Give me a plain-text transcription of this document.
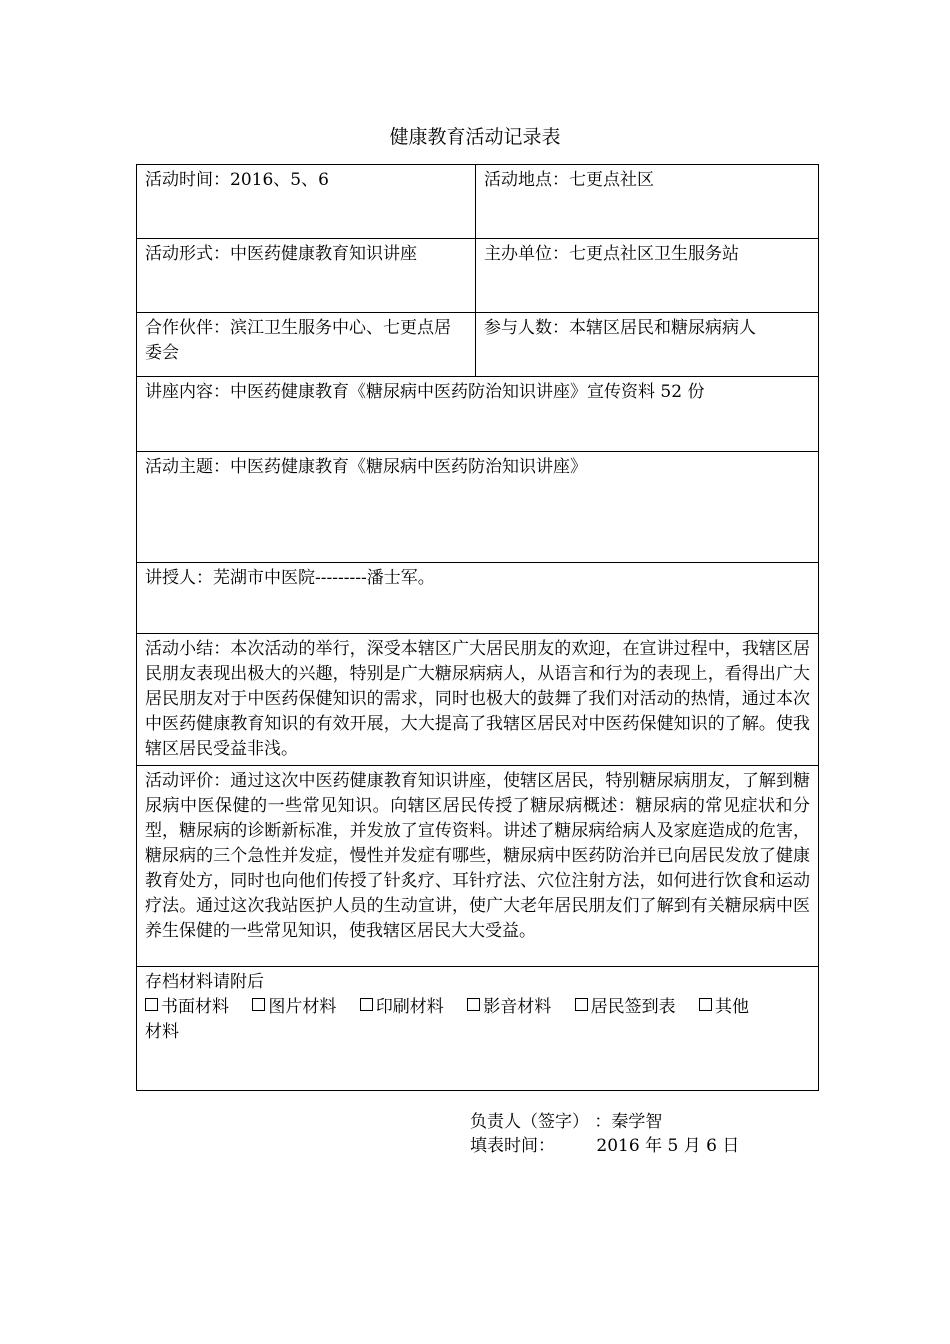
健康教育活动记录表
活动时间：2016、5、6	活动地点：七更点社区
活动形式：中医药健康教育知识讲座	主办单位：七更点社区卫生服务站
合作伙伴：滨江卫生服务中心、七更点居委会	参与人数：本辖区居民和糖尿病病人
讲座内容：中医药健康教育《糖尿病中医药防治知识讲座》宣传资料 52 份	
活动主题：中医药健康教育《糖尿病中医药防治知识讲座》	
讲授人：芜湖市中医院---------潘士军。	
活动小结：本次活动的举行，深受本辖区广大居民朋友的欢迎，在宣讲过程中，我辖区居民朋友表现出极大的兴趣，特别是广大糖尿病病人，从语言和行为的表现上，看得出广大居民朋友对于中医药保健知识的需求，同时也极大的鼓舞了我们对活动的热情，通过本次中医药健康教育知识的有效开展，大大提高了我辖区居民对中医药保健知识的了解。使我辖区居民受益非浅。	
活动评价：通过这次中医药健康教育知识讲座，使辖区居民，特别糖尿病朋友，了解到糖尿病中医保健的一些常见知识。向辖区居民传授了糖尿病概述：糖尿病的常见症状和分型，糖尿病的诊断新标准，并发放了宣传资料。讲述了糖尿病给病人及家庭造成的危害，糖尿病的三个急性并发症，慢性并发症有哪些，糖尿病中医药防治并已向居民发放了健康教育处方，同时也向他们传授了针炙疗、耳针疗法、穴位注射方法，如何进行饮食和运动疗法。通过这次我站医护人员的生动宣讲，使广大老年居民朋友们了解到有关糖尿病中医养生保健的一些常见知识，使我辖区居民大大受益。	

存档材料请附后
书面材料 图片材料 印刷材料 影音材料 居民签到表 其他
材料	
负责人（签字） ：秦学智
填表时间： 2016 年 5 月 6 日
